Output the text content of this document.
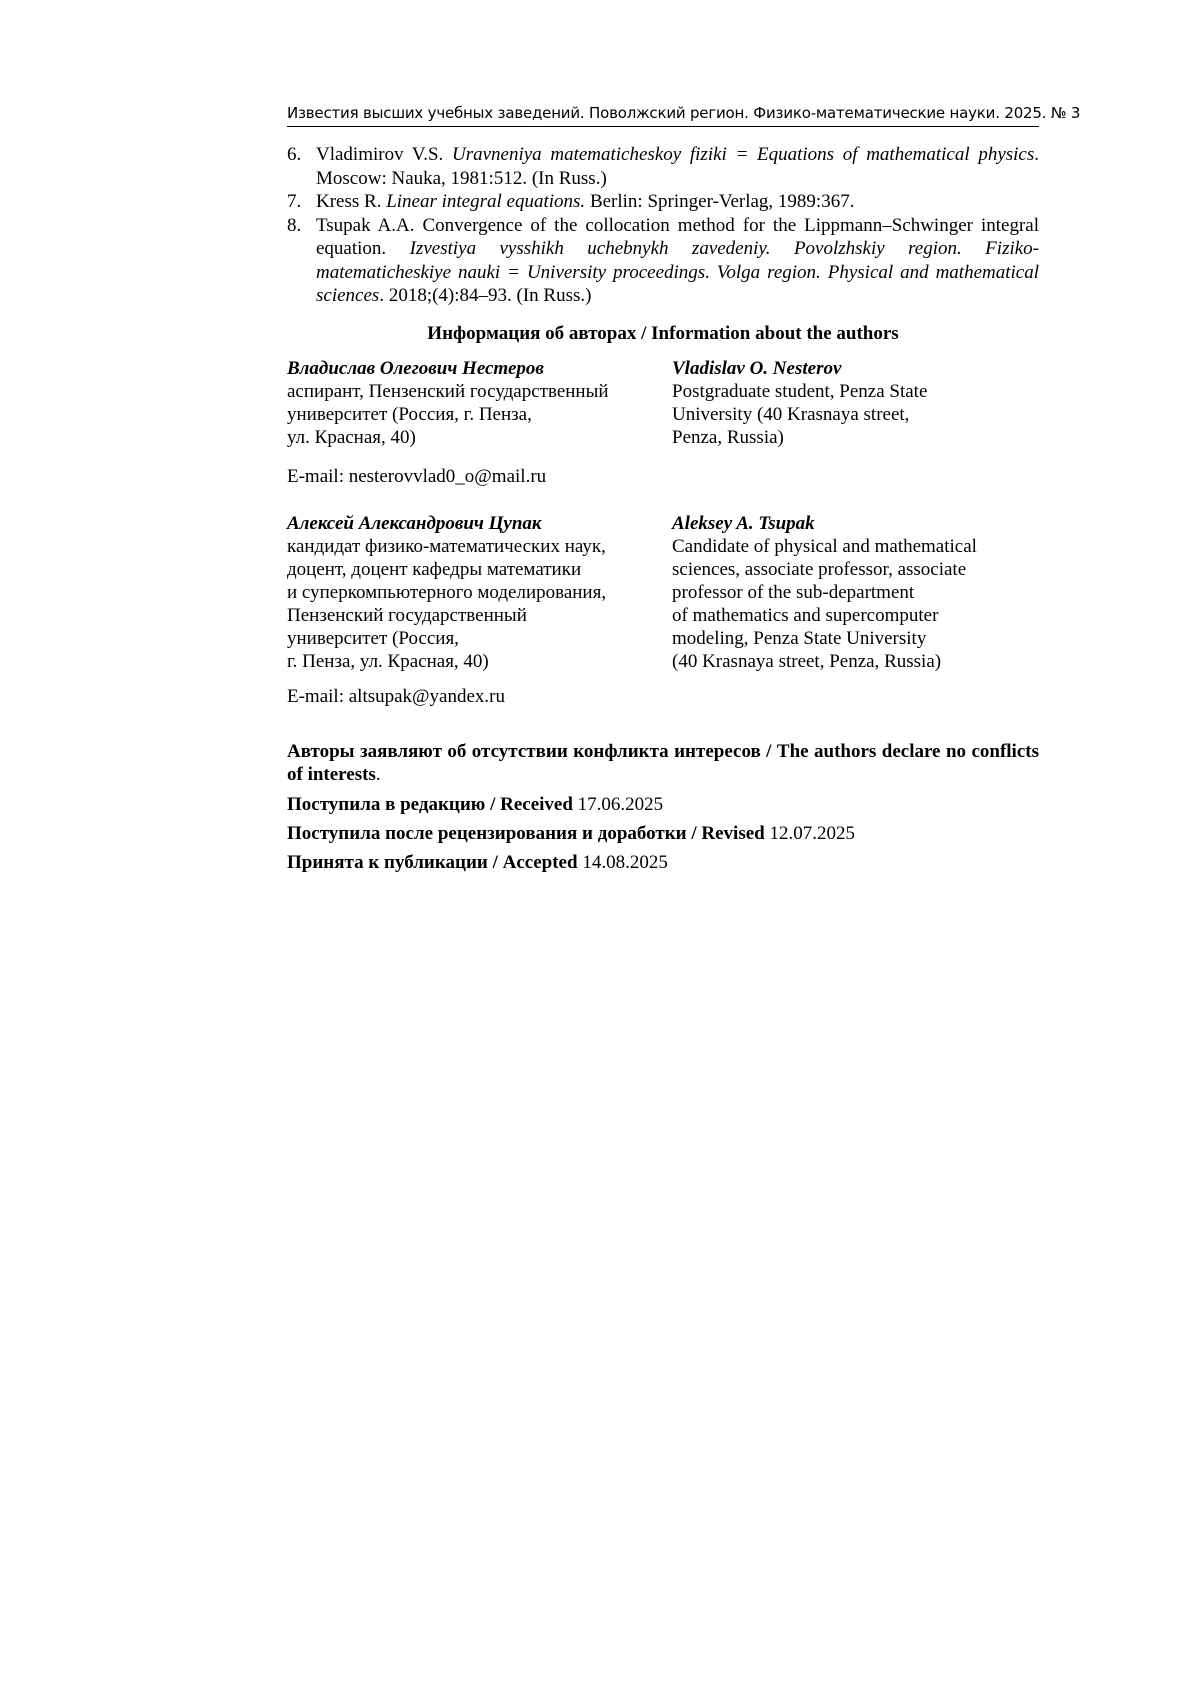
Известия высших учебных заведений. Поволжский регион. Физико-математические науки. 2025. № 3
6. Vladimirov V.S. Uravneniya matematicheskoy fiziki = Equations of mathematical physics. Moscow: Nauka, 1981:512. (In Russ.)
7. Kress R. Linear integral equations. Berlin: Springer-Verlag, 1989:367.
8. Tsupak A.A. Convergence of the collocation method for the Lippmann–Schwinger integral equation. Izvestiya vysshikh uchebnykh zavedeniy. Povolzhskiy region. Fiziko-matematicheskiye nauki = University proceedings. Volga region. Physical and mathematical sciences. 2018;(4):84–93. (In Russ.)
Информация об авторах / Information about the authors
Владислав Олегович Нестеров
аспирант, Пензенский государственный
университет (Россия, г. Пенза,
ул. Красная, 40)
Vladislav O. Nesterov
Postgraduate student, Penza State
University (40 Krasnaya street,
Penza, Russia)
E-mail: nesterovvlad0_o@mail.ru
Алексей Александрович Цупак
кандидат физико-математических наук,
доцент, доцент кафедры математики
и суперкомпьютерного моделирования,
Пензенский государственный
университет (Россия,
г. Пенза, ул. Красная, 40)
Aleksey A. Tsupak
Candidate of physical and mathematical
sciences, associate professor, associate
professor of the sub-department
of mathematics and supercomputer
modeling, Penza State University
(40 Krasnaya street, Penza, Russia)
E-mail: altsupak@yandex.ru
Авторы заявляют об отсутствии конфликта интересов / The authors declare no conflicts of interests.
Поступила в редакцию / Received 17.06.2025
Поступила после рецензирования и доработки / Revised 12.07.2025
Принята к публикации / Accepted 14.08.2025
